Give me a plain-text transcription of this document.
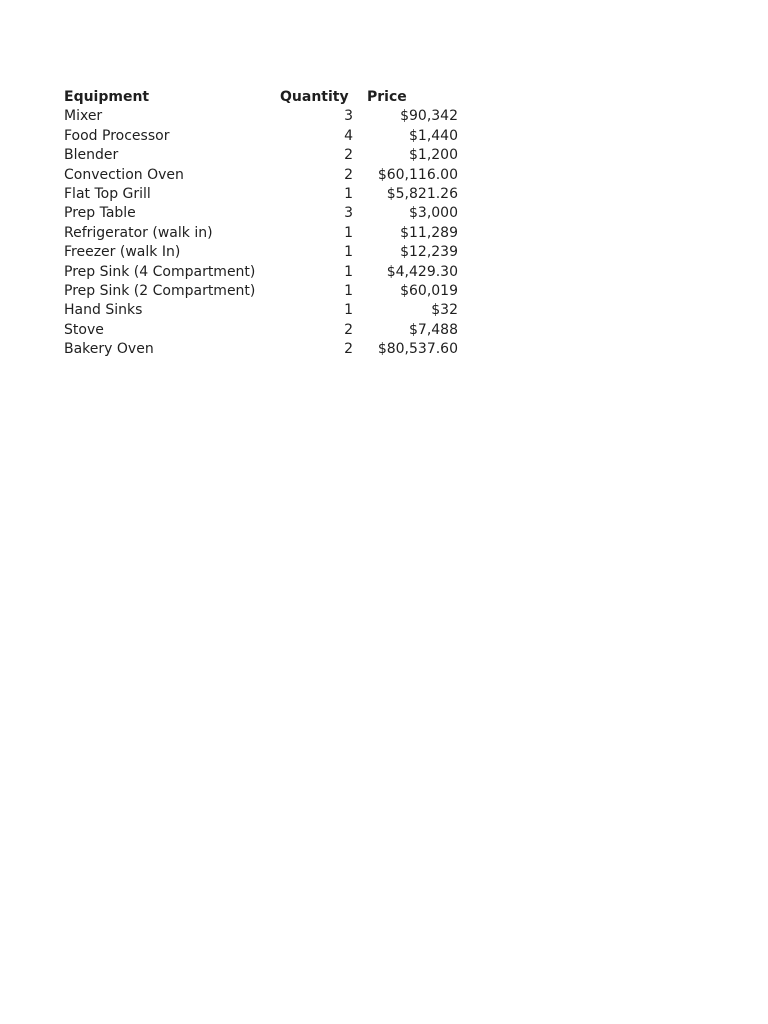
Equipment	Quantity	Price
Mixer	3	$90,342
Food Processor	4	$1,440
Blender	2	$1,200
Convection Oven	2	$60,116.00
Flat Top Grill	1	$5,821.26
Prep Table	3	$3,000
Refrigerator (walk in)	1	$11,289
Freezer (walk In)	1	$12,239
Prep Sink (4 Compartment)	1	$4,429.30
Prep Sink (2 Compartment)	1	$60,019
Hand Sinks	1	$32
Stove	2	$7,488
Bakery Oven	2	$80,537.60
